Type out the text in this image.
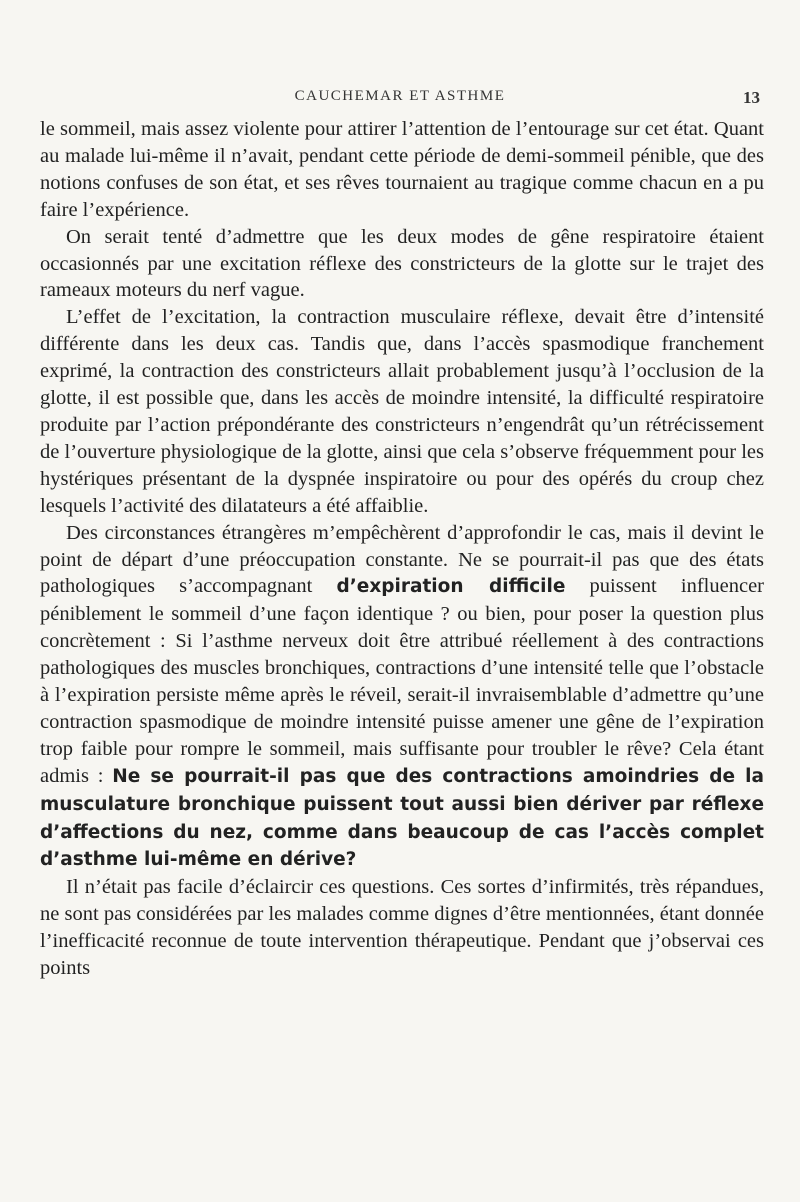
CAUCHEMAR ET ASTHME	13

le sommeil, mais assez violente pour attirer l’attention de l’entourage sur cet état. Quant au malade lui-même il n’avait, pendant cette période de demi-sommeil pénible, que des notions confuses de son état, et ses rêves tournaient au tragique comme chacun en a pu faire l’expérience.

On serait tenté d’admettre que les deux modes de gêne respiratoire étaient occasionnés par une excitation réflexe des constricteurs de la glotte sur le trajet des rameaux moteurs du nerf vague.

L’effet de l’excitation, la contraction musculaire réflexe, devait être d’intensité différente dans les deux cas. Tandis que, dans l’accès spasmodique franchement exprimé, la contraction des constricteurs allait probablement jusqu’à l’occlusion de la glotte, il est possible que, dans les accès de moindre intensité, la difficulté respiratoire produite par l’action prépondérante des constricteurs n’engendrât qu’un rétrécissement de l’ouverture physiologique de la glotte, ainsi que cela s’observe fréquemment pour les hystériques présentant de la dyspnée inspiratoire ou pour des opérés du croup chez lesquels l’activité des dilatateurs a été affaiblie.

Des circonstances étrangères m’empêchèrent d’approfondir le cas, mais il devint le point de départ d’une préoccupation constante. Ne se pourrait-il pas que des états pathologiques s’accompagnant d’expiration difficile puissent influencer péniblement le sommeil d’une façon identique ? ou bien, pour poser la question plus concrètement : Si l’asthme nerveux doit être attribué réellement à des contractions pathologiques des muscles bronchiques, contractions d’une intensité telle que l’obstacle à l’expiration persiste même après le réveil, serait-il invraisemblable d’admettre qu’une contraction spasmodique de moindre intensité puisse amener une gêne de l’expiration trop faible pour rompre le sommeil, mais suffisante pour troubler le rêve? Cela étant admis : Ne se pourrait-il pas que des contractions amoindries de la musculature bronchique puissent tout aussi bien dériver par réflexe d’affections du nez, comme dans beaucoup de cas l’accès complet d’asthme lui-même en dérive?

Il n’était pas facile d’éclaircir ces questions. Ces sortes d’infirmités, très répandues, ne sont pas considérées par les malades comme dignes d’être mentionnées, étant donnée l’inefficacité reconnue de toute intervention thérapeutique. Pendant que j’observai ces points
